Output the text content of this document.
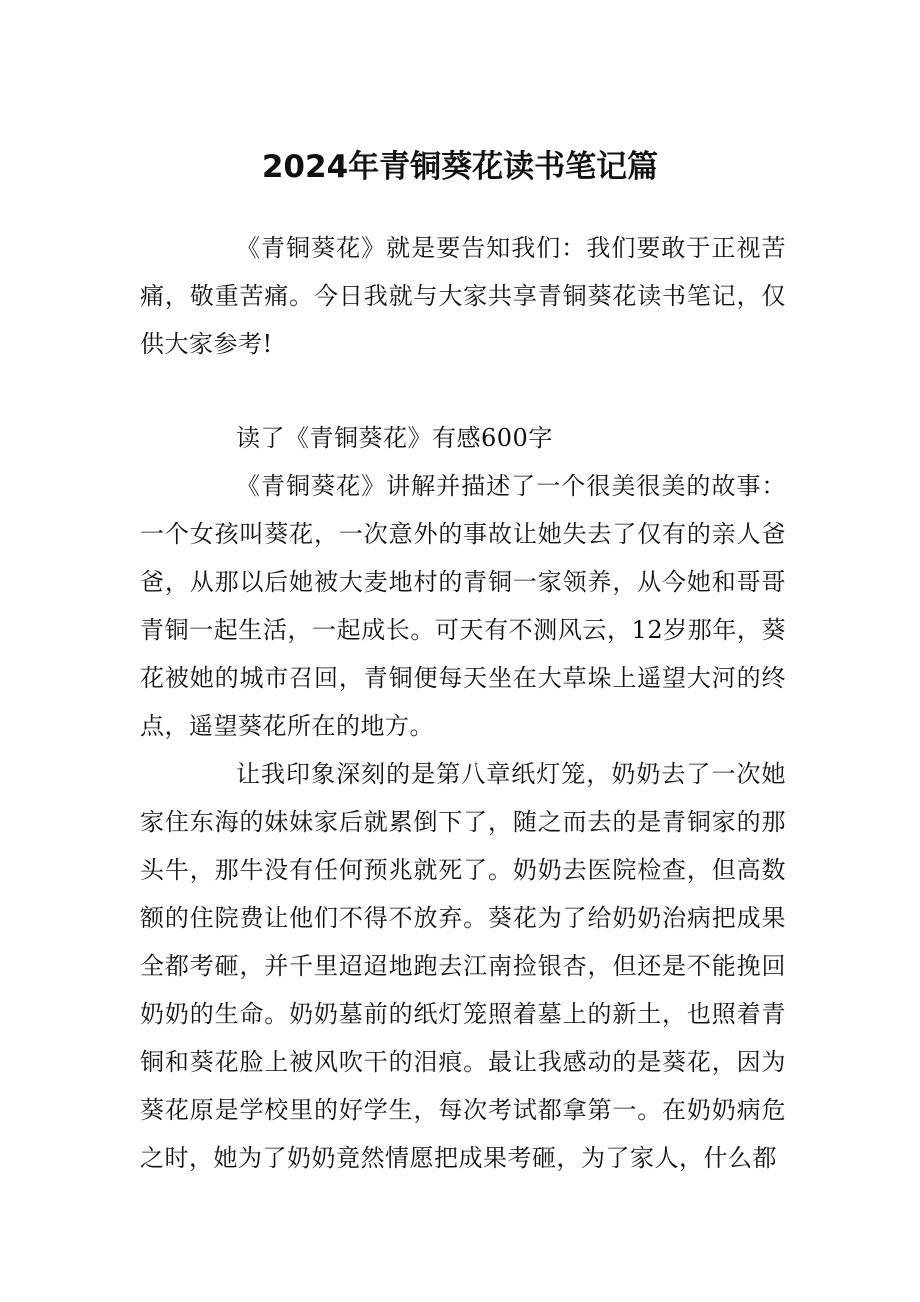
2024年青铜葵花读书笔记篇

《青铜葵花》就是要告知我们：我们要敢于正视苦痛，敬重苦痛。今日我就与大家共享青铜葵花读书笔记，仅供大家参考!

读了《青铜葵花》有感600字

《青铜葵花》讲解并描述了一个很美很美的故事：一个女孩叫葵花，一次意外的事故让她失去了仅有的亲人爸爸，从那以后她被大麦地村的青铜一家领养，从今她和哥哥青铜一起生活，一起成长。可天有不测风云，12岁那年，葵花被她的城市召回，青铜便每天坐在大草垛上遥望大河的终点，遥望葵花所在的地方。

让我印象深刻的是第八章纸灯笼，奶奶去了一次她家住东海的妹妹家后就累倒下了，随之而去的是青铜家的那头牛，那牛没有任何预兆就死了。奶奶去医院检查，但高数额的住院费让他们不得不放弃。葵花为了给奶奶治病把成果全都考砸，并千里迢迢地跑去江南捡银杏，但还是不能挽回奶奶的生命。奶奶墓前的纸灯笼照着墓上的新土，也照着青铜和葵花脸上被风吹干的泪痕。最让我感动的是葵花，因为葵花原是学校里的好学生，每次考试都拿第一。在奶奶病危之时，她为了奶奶竟然情愿把成果考砸，为了家人，什么都
